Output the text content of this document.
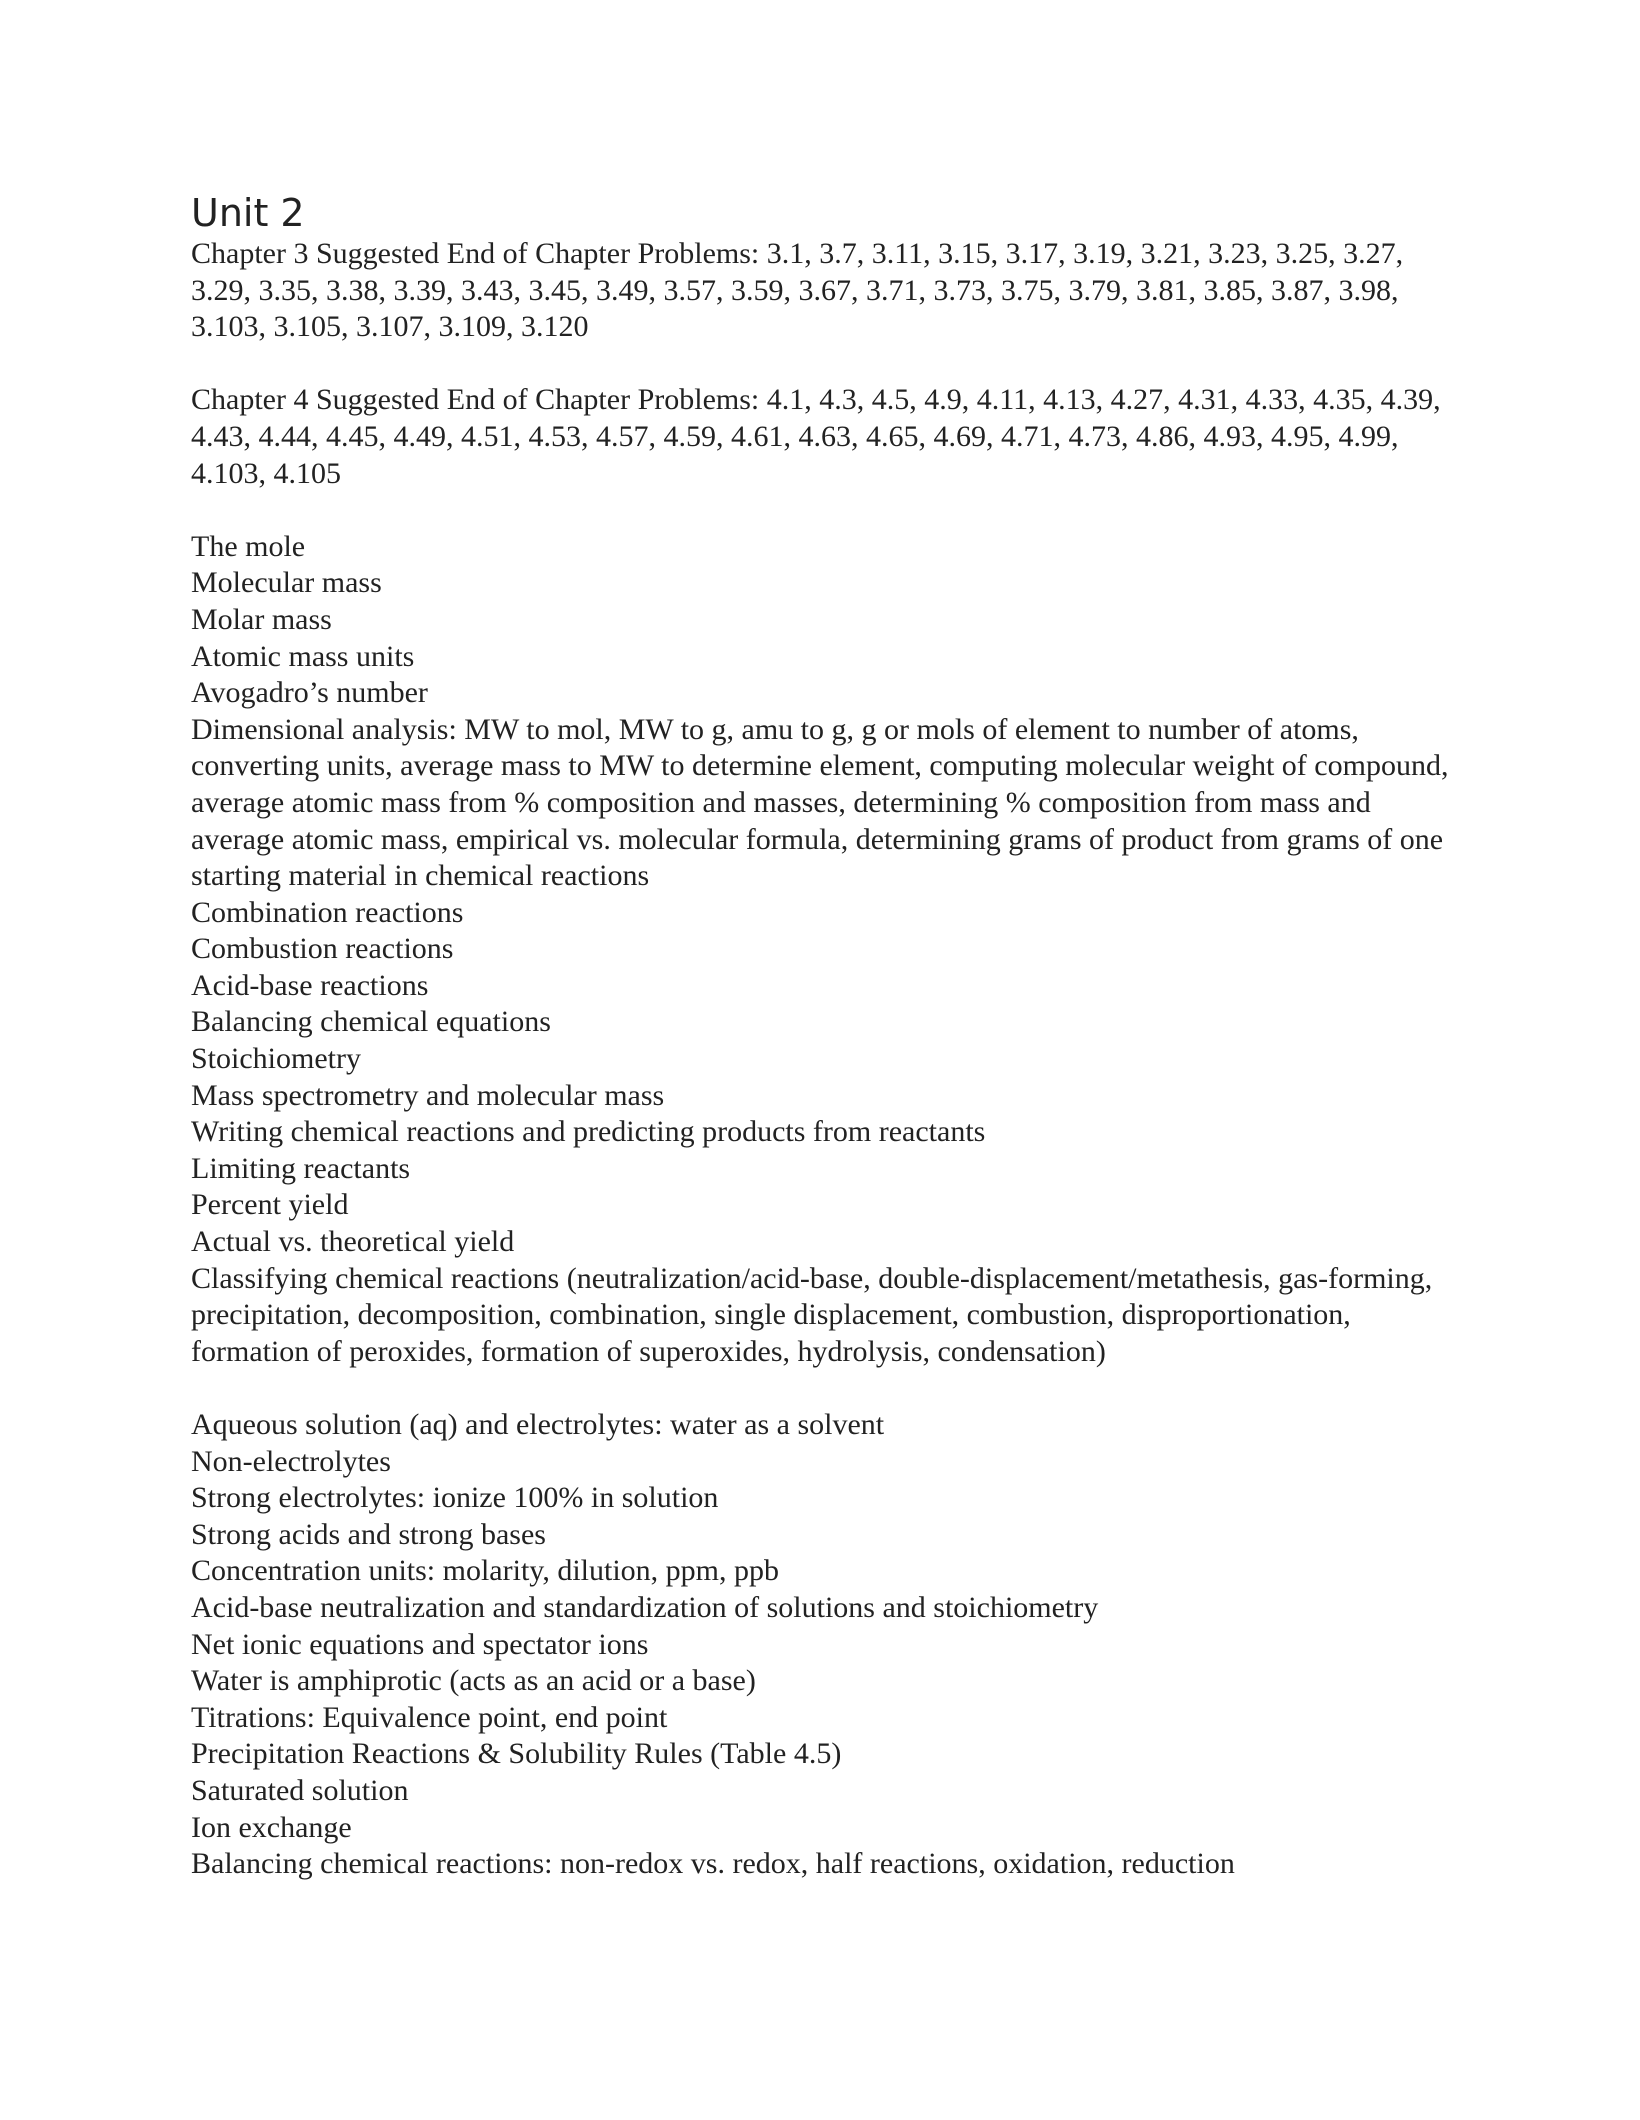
Unit 2

Chapter 3 Suggested End of Chapter Problems: 3.1, 3.7, 3.11, 3.15, 3.17, 3.19, 3.21, 3.23, 3.25, 3.27, 3.29, 3.35, 3.38, 3.39, 3.43, 3.45, 3.49, 3.57, 3.59, 3.67, 3.71, 3.73, 3.75, 3.79, 3.81, 3.85, 3.87, 3.98, 3.103, 3.105, 3.107, 3.109, 3.120

Chapter 4 Suggested End of Chapter Problems: 4.1, 4.3, 4.5, 4.9, 4.11, 4.13, 4.27, 4.31, 4.33, 4.35, 4.39, 4.43, 4.44, 4.45, 4.49, 4.51, 4.53, 4.57, 4.59, 4.61, 4.63, 4.65, 4.69, 4.71, 4.73, 4.86, 4.93, 4.95, 4.99, 4.103, 4.105

The mole
Molecular mass
Molar mass
Atomic mass units
Avogadro’s number
Dimensional analysis: MW to mol, MW to g, amu to g, g or mols of element to number of atoms, converting units, average mass to MW to determine element, computing molecular weight of compound, average atomic mass from % composition and masses, determining % composition from mass and average atomic mass, empirical vs. molecular formula, determining grams of product from grams of one starting material in chemical reactions
Combination reactions
Combustion reactions
Acid-base reactions
Balancing chemical equations
Stoichiometry
Mass spectrometry and molecular mass
Writing chemical reactions and predicting products from reactants
Limiting reactants
Percent yield
Actual vs. theoretical yield
Classifying chemical reactions (neutralization/acid-base, double-displacement/metathesis, gas-forming, precipitation, decomposition, combination, single displacement, combustion, disproportionation, formation of peroxides, formation of superoxides, hydrolysis, condensation)
Aqueous solution (aq) and electrolytes: water as a solvent
Non-electrolytes
Strong electrolytes: ionize 100% in solution
Strong acids and strong bases
Concentration units: molarity, dilution, ppm, ppb
Acid-base neutralization and standardization of solutions and stoichiometry
Net ionic equations and spectator ions
Water is amphiprotic (acts as an acid or a base)
Titrations: Equivalence point, end point
Precipitation Reactions & Solubility Rules (Table 4.5)
Saturated solution
Ion exchange
Balancing chemical reactions: non-redox vs. redox, half reactions, oxidation, reduction
